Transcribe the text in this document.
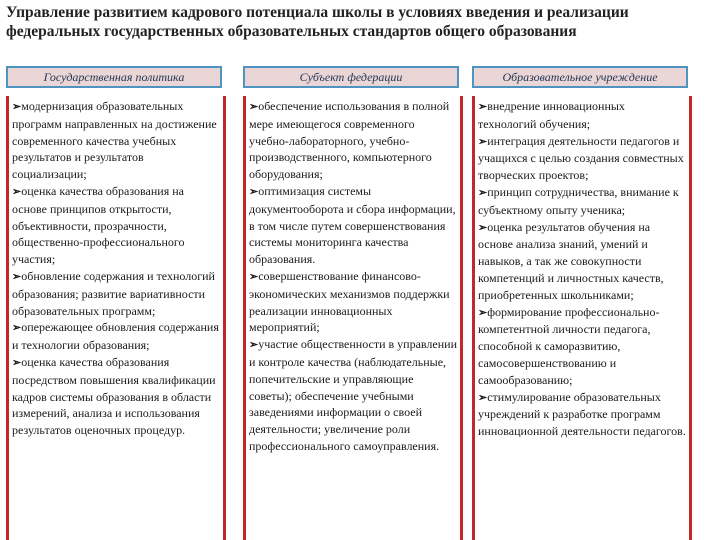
Управление развитием кадрового потенциала школы в условиях введения и реализации федеральных государственных образовательных стандартов общего образования
Государственная политика
➢модернизация образовательных программ направленных на достижение современного качества учебных результатов и результатов социализации;
➢оценка качества образования на основе принципов открытости, объективности, прозрачности, общественно-профессионального участия;
➢обновление содержания и технологий образования; развитие вариативности образовательных программ;
➢опережающее обновления содержания и технологии образования;
➢оценка качества образования посредством повышения квалификации кадров системы образования в области измерений, анализа и использования результатов оценочных процедур.
Субъект федерации
➢обеспечение использования в полной мере имеющегося современного учебно-лабораторного, учебно-производственного, компьютерного оборудования;
➢оптимизация системы документооборота и сбора информации, в том числе путем совершенствования системы мониторинга качества образования.
➢совершенствование финансово-экономических механизмов поддержки реализации инновационных мероприятий;
➢участие общественности в управлении и контроле качества (наблюдательные, попечительские и управляющие советы); обеспечение учебными заведениями информации о своей деятельности; увеличение роли профессионального самоуправления.
Образовательное учреждение
➢внедрение инновационных технологий обучения;
➢интеграция деятельности педагогов и учащихся с целью создания совместных творческих проектов;
➢принцип сотрудничества, внимание к субъектному опыту ученика;
➢оценка результатов обучения на основе анализа знаний, умений и навыков, а так же совокупности компетенций и личностных качеств, приобретенных школьниками;
➢формирование профессионально-компетентной личности педагога, способной к саморазвитию, самосовершенствованию и самообразованию;
➢стимулирование образовательных учреждений к разработке программ инновационной деятельности педагогов.
